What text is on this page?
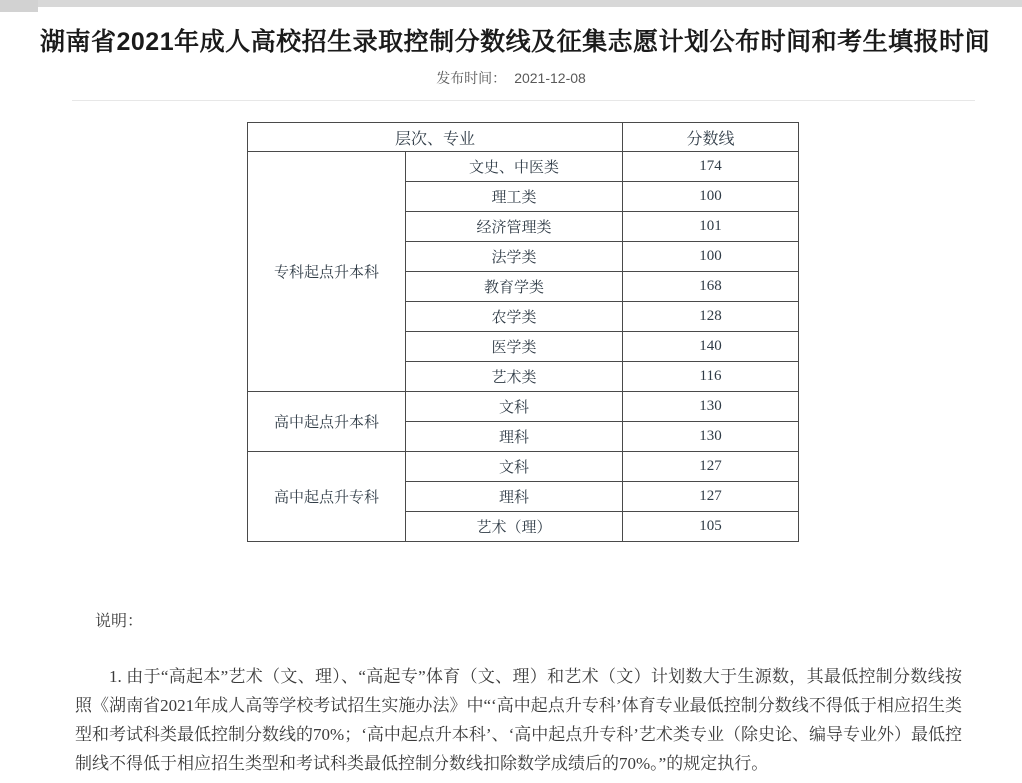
湖南省2021年成人高校招生录取控制分数线及征集志愿计划公布时间和考生填报时间
发布时间： 2021-12-08
层次、专业		分数线
专科起点升本科	文史、中医类	174
	理工类	100
	经济管理类	101
	法学类	100
	教育学类	168
	农学类	128
	医学类	140
	艺术类	116
高中起点升本科	文科	130
	理科	130
高中起点升专科	文科	127
	理科	127
	艺术（理）	105
说明：

1. 由于“高起本”艺术（文、理）、“高起专”体育（文、理）和艺术（文）计划数大于生源数，其最低控制分数线按照《湖南省2021年成人高等学校考试招生实施办法》中“‘高中起点升专科’体育专业最低控制分数线不得低于相应招生类型和考试科类最低控制分数线的70%；‘高中起点升本科’、‘高中起点升专科’艺术类专业（除史论、编导专业外）最低控制线不得低于相应招生类型和考试科类最低控制分数线扣除数学成绩后的70%。”的规定执行。
